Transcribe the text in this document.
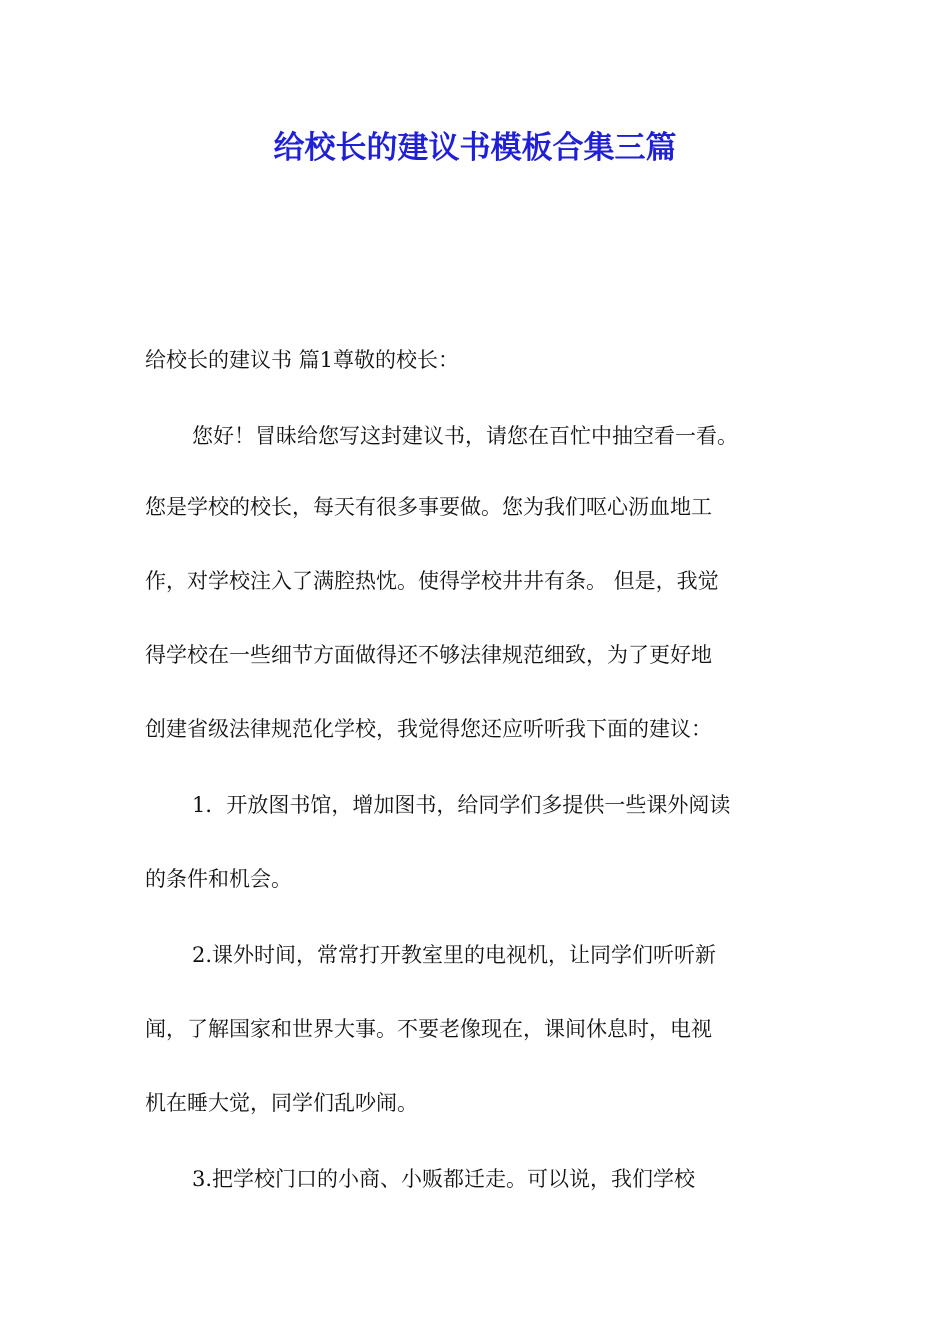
给校长的建议书模板合集三篇
给校长的建议书 篇1尊敬的校长：
您好！冒昧给您写这封建议书，请您在百忙中抽空看一看。
您是学校的校长，每天有很多事要做。您为我们呕心沥血地工
作，对学校注入了满腔热忱。使得学校井井有条。 但是，我觉
得学校在一些细节方面做得还不够法律规范细致，为了更好地
创建省级法律规范化学校，我觉得您还应听听我下面的建议：
1．开放图书馆，增加图书，给同学们多提供一些课外阅读
的条件和机会。
2.课外时间，常常打开教室里的电视机，让同学们听听新
闻，了解国家和世界大事。不要老像现在，课间休息时，电视
机在睡大觉，同学们乱吵闹。
3.把学校门口的小商、小贩都迁走。可以说，我们学校
